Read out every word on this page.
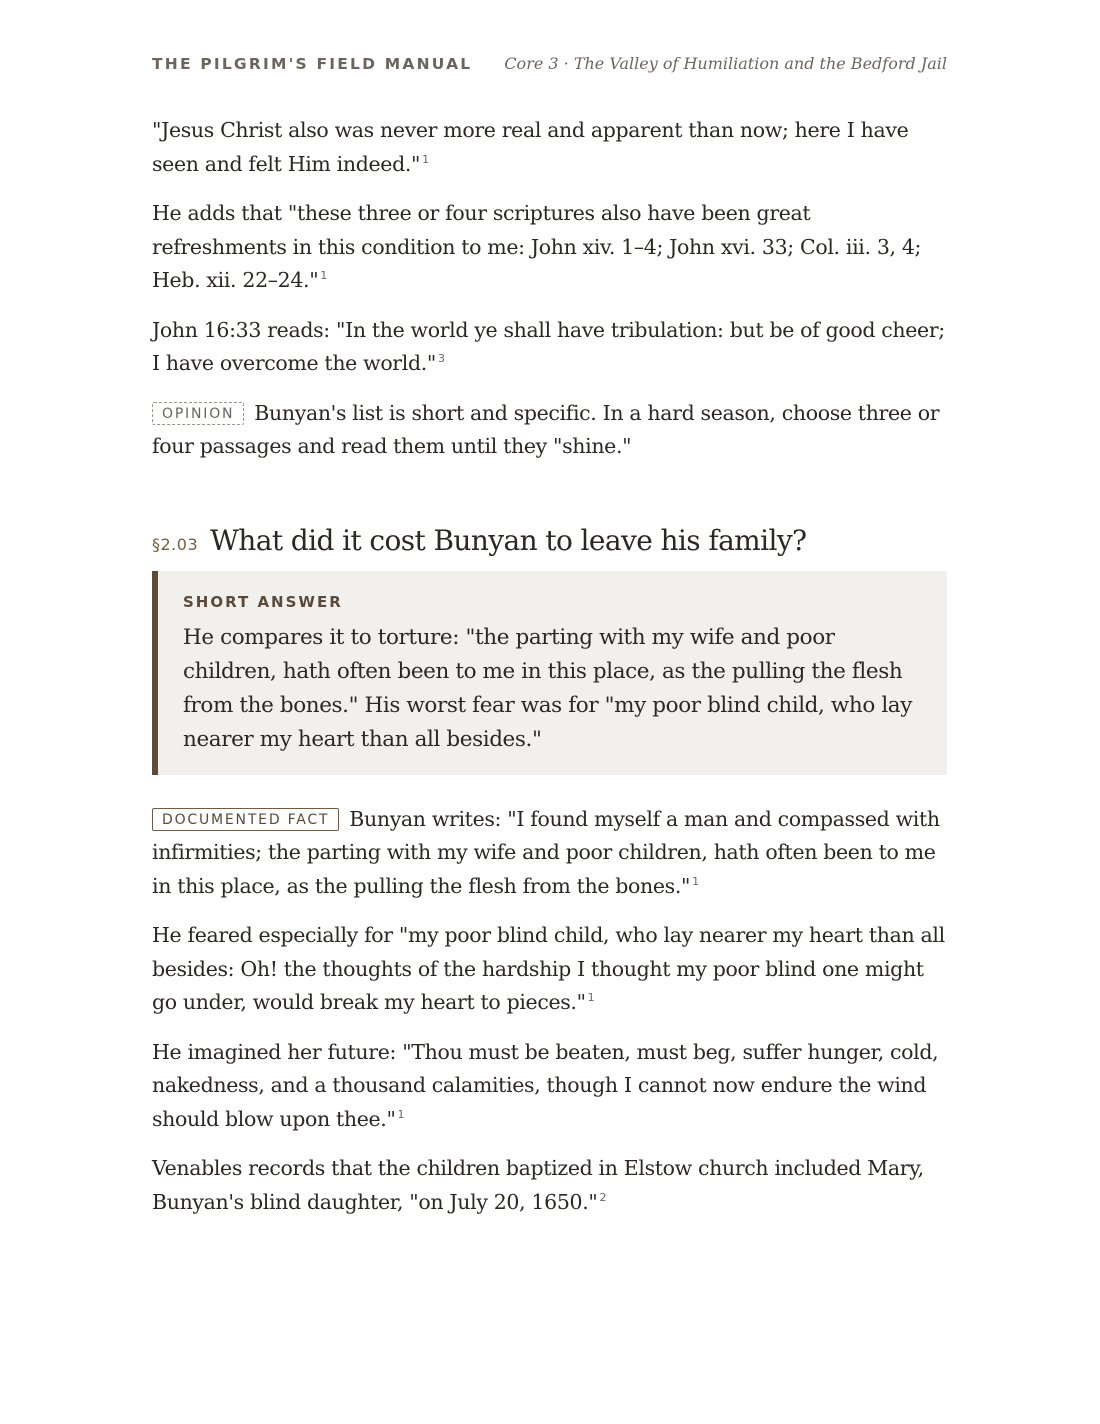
THE PILGRIM'S FIELD MANUAL Core 3 · The Valley of Humiliation and the Bedford Jail

"Jesus Christ also was never more real and apparent than now; here I have seen and felt Him indeed." $^1$

He adds that "these three or four scriptures also have been great refreshments in this condition to me: John xiv. 1–4; John xvi. 33; Col. iii. 3, 4; Heb. xii. 22–24." $^1$

John 16:33 reads: "In the world ye shall have tribulation: but be of good cheer; I have overcome the world." $^3$

OPINION Bunyan's list is short and specific. In a hard season, choose three or four passages and read them until they "shine."

§2.03 What did it cost Bunyan to leave his family?
SHORT ANSWER

He compares it to torture: "the parting with my wife and poor children, hath often been to me in this place, as the pulling the flesh from the bones." His worst fear was for "my poor blind child, who lay nearer my heart than all besides."

DOCUMENTED FACT Bunyan writes: "I found myself a man and compassed with infirmities; the parting with my wife and poor children, hath often been to me in this place, as the pulling the flesh from the bones." $^1$

He feared especially for "my poor blind child, who lay nearer my heart than all besides: Oh! the thoughts of the hardship I thought my poor blind one might go under, would break my heart to pieces." $^1$

He imagined her future: "Thou must be beaten, must beg, suffer hunger, cold, nakedness, and a thousand calamities, though I cannot now endure the wind should blow upon thee." $^1$

Venables records that the children baptized in Elstow church included Mary, Bunyan's blind daughter, "on July 20, 1650." $^2$
